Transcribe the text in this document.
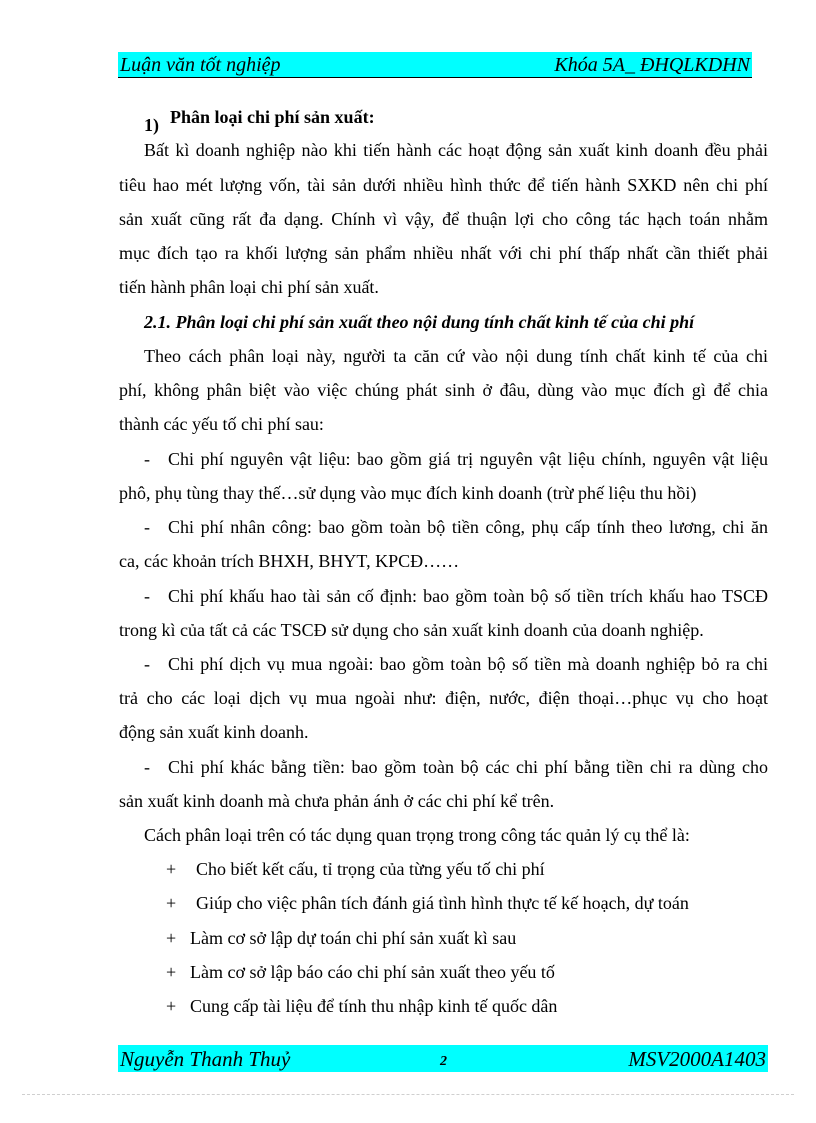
Luận văn tốt nghiệp	Khóa 5A_ ĐHQLKDHN
1) Phân loại chi phí sản xuất:
Bất kì doanh nghiệp nào khi tiến hành các hoạt động sản xuất kinh doanh đều phải
tiêu hao mét lượng vốn, tài sản dưới nhiều hình thức để tiến hành SXKD nên chi phí
sản xuất cũng rất đa dạng. Chính vì vậy, để thuận lợi cho công tác hạch toán nhằm
mục đích tạo ra khối lượng sản phẩm nhiều nhất với chi phí thấp nhất cần thiết phải
tiến hành phân loại chi phí sản xuất.
2.1. Phân loại chi phí sản xuất theo nội dung tính chất kinh tế của chi phí
Theo cách phân loại này, người ta căn cứ vào nội dung tính chất kinh tế của chi
phí, không phân biệt vào việc chúng phát sinh ở đâu, dùng vào mục đích gì để chia
thành các yếu tố chi phí sau:
- Chi phí nguyên vật liệu: bao gồm giá trị nguyên vật liệu chính, nguyên vật liệu
phô, phụ tùng thay thế…sử dụng vào mục đích kinh doanh (trừ phế liệu thu hồi)
- Chi phí nhân công: bao gồm toàn bộ tiền công, phụ cấp tính theo lương, chi ăn
ca, các khoản trích BHXH, BHYT, KPCĐ……
- Chi phí khấu hao tài sản cố định: bao gồm toàn bộ số tiền trích khấu hao TSCĐ
trong kì của tất cả các TSCĐ sử dụng cho sản xuất kinh doanh của doanh nghiệp.
- Chi phí dịch vụ mua ngoài: bao gồm toàn bộ số tiền mà doanh nghiệp bỏ ra chi
trả cho các loại dịch vụ mua ngoài như: điện, nước, điện thoại…phục vụ cho hoạt
động sản xuất kinh doanh.
- Chi phí khác bằng tiền: bao gồm toàn bộ các chi phí bằng tiền chi ra dùng cho
sản xuất kinh doanh mà chưa phản ánh ở các chi phí kể trên.
Cách phân loại trên có tác dụng quan trọng trong công tác quản lý cụ thể là:
+ Cho biết kết cấu, tỉ trọng của từng yếu tố chi phí
+ Giúp cho việc phân tích đánh giá tình hình thực tế kế hoạch, dự toán
+ Làm cơ sở lập dự toán chi phí sản xuất kì sau
+ Làm cơ sở lập báo cáo chi phí sản xuất theo yếu tố
+ Cung cấp tài liệu để tính thu nhập kinh tế quốc dân
Nguyễn Thanh Thuỷ	2	MSV2000A1403
